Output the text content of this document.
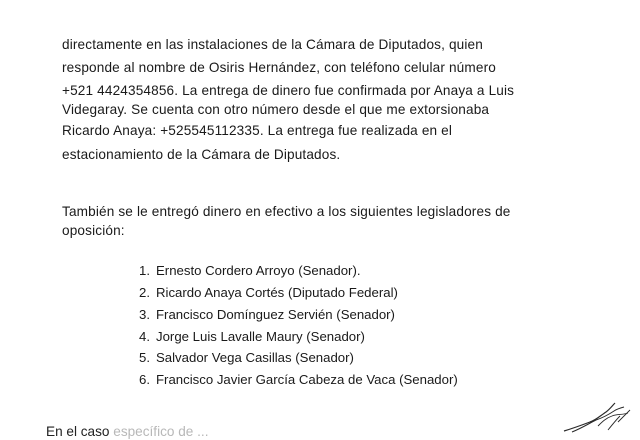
directamente en las instalaciones de la Cámara de Diputados, quien
responde al nombre de Osiris Hernández, con teléfono celular número
+521 4424354856. La entrega de dinero fue confirmada por Anaya a Luis
Videgaray. Se cuenta con otro número desde el que me extorsionaba
Ricardo Anaya: +525545112335. La entrega fue realizada en el
estacionamiento de la Cámara de Diputados.
También se le entregó dinero en efectivo a los siguientes legisladores de
oposición:
1. Ernesto Cordero Arroyo (Senador).
2. Ricardo Anaya Cortés (Diputado Federal)
3. Francisco Domínguez Servién (Senador)
4. Jorge Luis Lavalle Maury (Senador)
5. Salvador Vega Casillas (Senador)
6. Francisco Javier García Cabeza de Vaca (Senador)
En el caso específico de ...
